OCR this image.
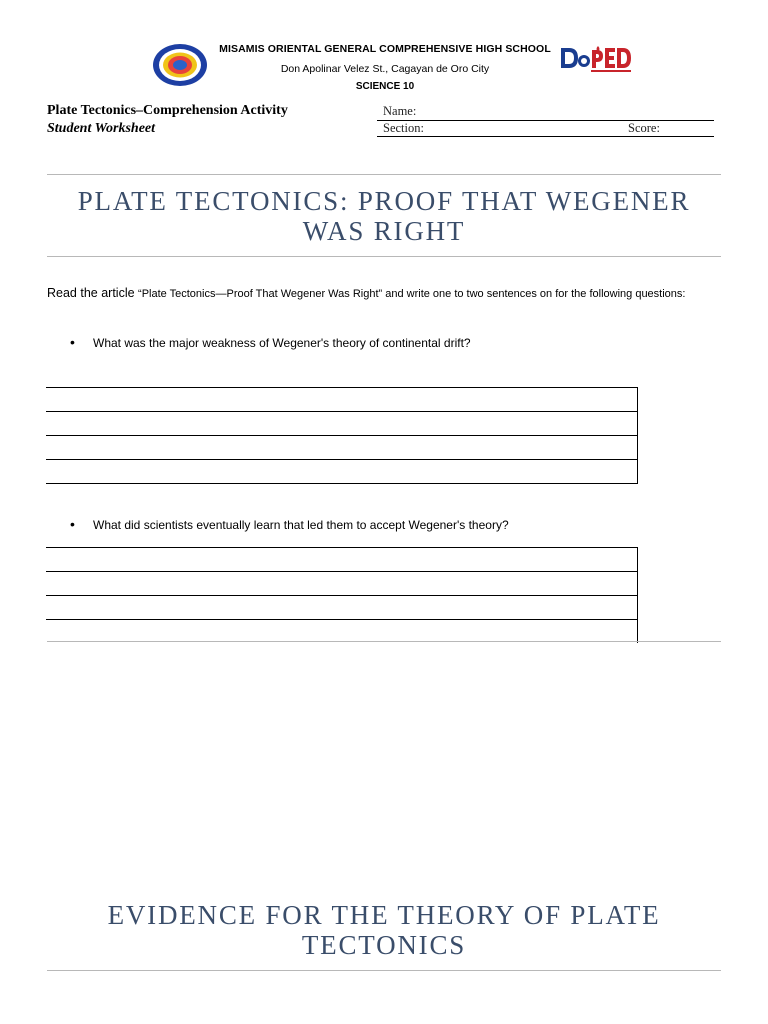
MISAMIS ORIENTAL GENERAL COMPREHENSIVE HIGH SCHOOL
Don Apolinar Velez St., Cagayan de Oro City
SCIENCE 10
Plate Tectonics–Comprehension Activity
Student Worksheet
Name:
Section:	Score:
PLATE TECTONICS: PROOF THAT WEGENER WAS RIGHT
Read the article “Plate Tectonics—Proof That Wegener Was Right” and write one to two sentences on for the following questions:
• What was the major weakness of Wegener's theory of continental drift?

• What did scientists eventually learn that led them to accept Wegener's theory?

EVIDENCE FOR THE THEORY OF PLATE TECTONICS
